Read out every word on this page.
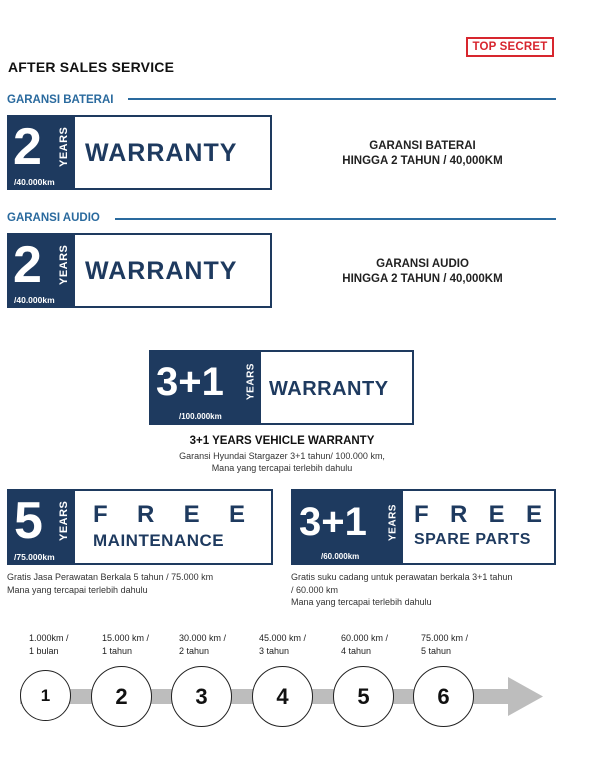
TOP SECRET
AFTER SALES SERVICE
GARANSI BATERAI
2 YEARS
/40.000km
WARRANTY	GARANSI BATERAI
HINGGA 2 TAHUN / 40,000KM
GARANSI AUDIO
2 YEARS
/40.000km
WARRANTY	GARANSI AUDIO
HINGGA 2 TAHUN / 40,000KM
3+1 YEARS
/100.000km
WARRANTY
3+1 YEARS VEHICLE WARRANTY
Garansi Hyundai Stargazer 3+1 tahun/ 100.000 km,
Mana yang tercapai terlebih dahulu
5 YEARS
/75.000km
F R E E
MAINTENANCE
Gratis Jasa Perawatan Berkala 5 tahun / 75.000 km
Mana yang tercapai terlebih dahulu
3+1 YEARS
/60.000km
F R E E
SPARE PARTS
Gratis suku cadang untuk perawatan berkala 3+1 tahun
/ 60.000 km
Mana yang tercapai terlebih dahulu
1.000km /
1 bulan
15.000 km /
1 tahun
30.000 km /
2 tahun
45.000 km /
3 tahun
60.000 km /
4 tahun
75.000 km /
5 tahun
1	2	3	4	5	6
